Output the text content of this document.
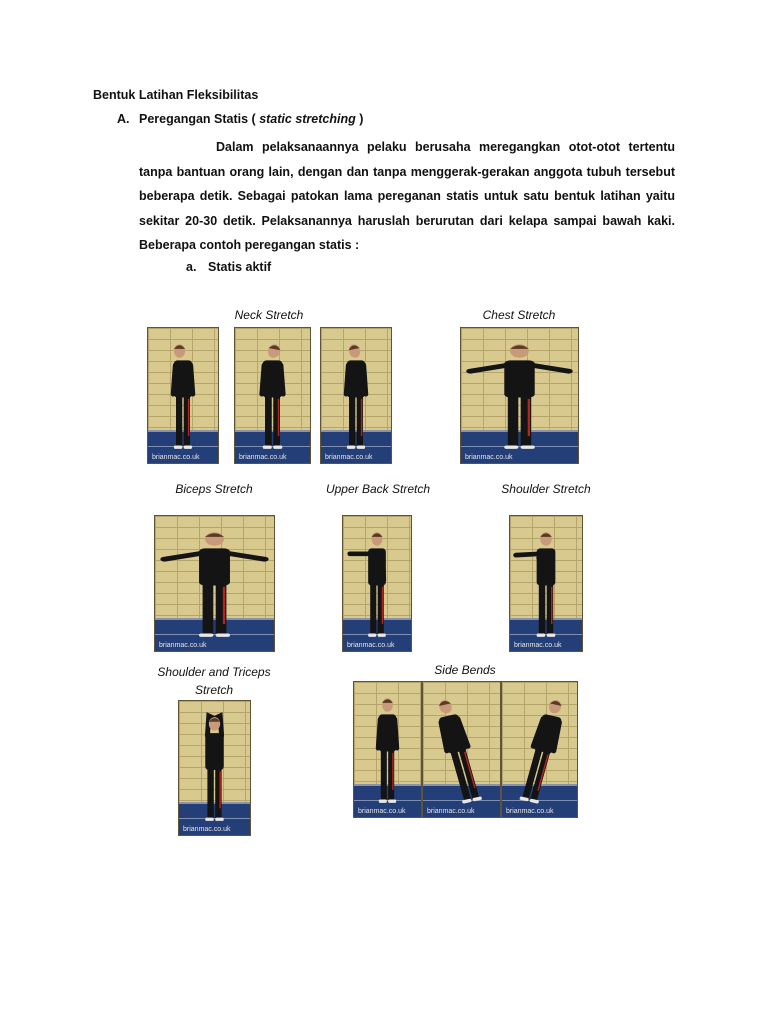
Bentuk Latihan Fleksibilitas
A. Peregangan Statis ( static stretching )
Dalam pelaksanaannya pelaku berusaha meregangkan otot-otot tertentu tanpa bantuan orang lain, dengan dan tanpa menggerak-gerakan anggota tubuh tersebut beberapa detik. Sebagai patokan lama pereganan statis untuk satu bentuk latihan yaitu sekitar 20-30 detik. Pelaksanannya haruslah berurutan dari kelapa sampai bawah kaki. Beberapa contoh peregangan statis :
a. Statis aktif
Neck Stretch	Chest Stretch
Biceps Stretch	Upper Back Stretch	Shoulder Stretch
Shoulder and Triceps Stretch
Side Bends
brianmac.co.uk	brianmac.co.uk	brianmac.co.uk	brianmac.co.uk
brianmac.co.uk	brianmac.co.uk	brianmac.co.uk
brianmac.co.uk
brianmac.co.uk	brianmac.co.uk	brianmac.co.uk
